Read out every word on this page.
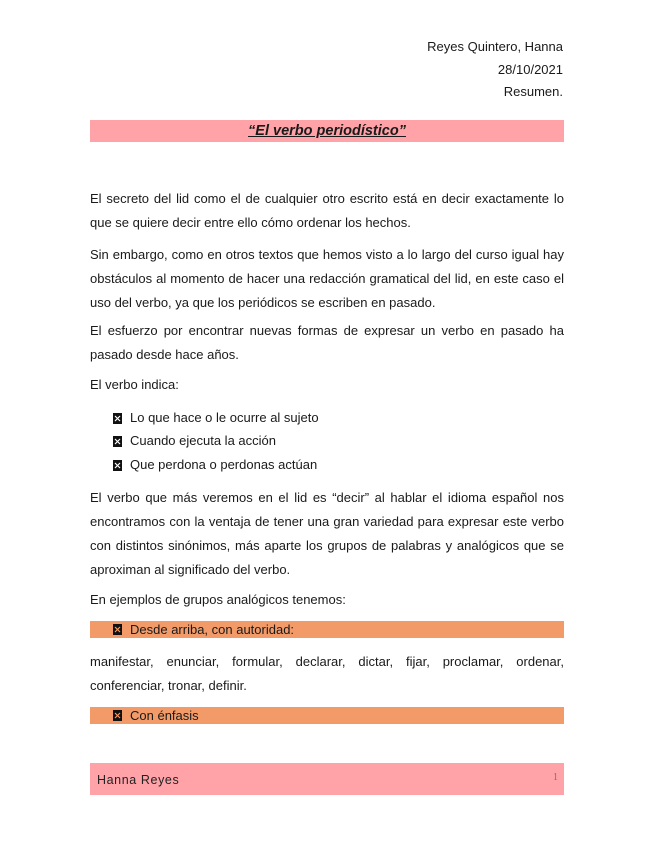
Reyes Quintero, Hanna
28/10/2021
Resumen.
“El verbo periodístico”
El secreto del lid como el de cualquier otro escrito está en decir exactamente lo que se quiere decir entre ello cómo ordenar los hechos.
Sin embargo, como en otros textos que hemos visto a lo largo del curso igual hay obstáculos al momento de hacer una redacción gramatical del lid, en este caso el uso del verbo, ya que los periódicos se escriben en pasado.
El esfuerzo por encontrar nuevas formas de expresar un verbo en pasado ha pasado desde hace años.
El verbo indica:
Lo que hace o le ocurre al sujeto
Cuando ejecuta la acción
Que perdona o perdonas actúan
El verbo que más veremos en el lid es “decir” al hablar el idioma español nos encontramos con la ventaja de tener una gran variedad para expresar este verbo con distintos sinónimos, más aparte los grupos de palabras y analógicos que se aproximan al significado del verbo.
En ejemplos de grupos analógicos tenemos:
Desde arriba, con autoridad:
manifestar, enunciar, formular, declarar, dictar, fijar, proclamar, ordenar, conferenciar, tronar, definir.
Con énfasis
Hanna Reyes	1
